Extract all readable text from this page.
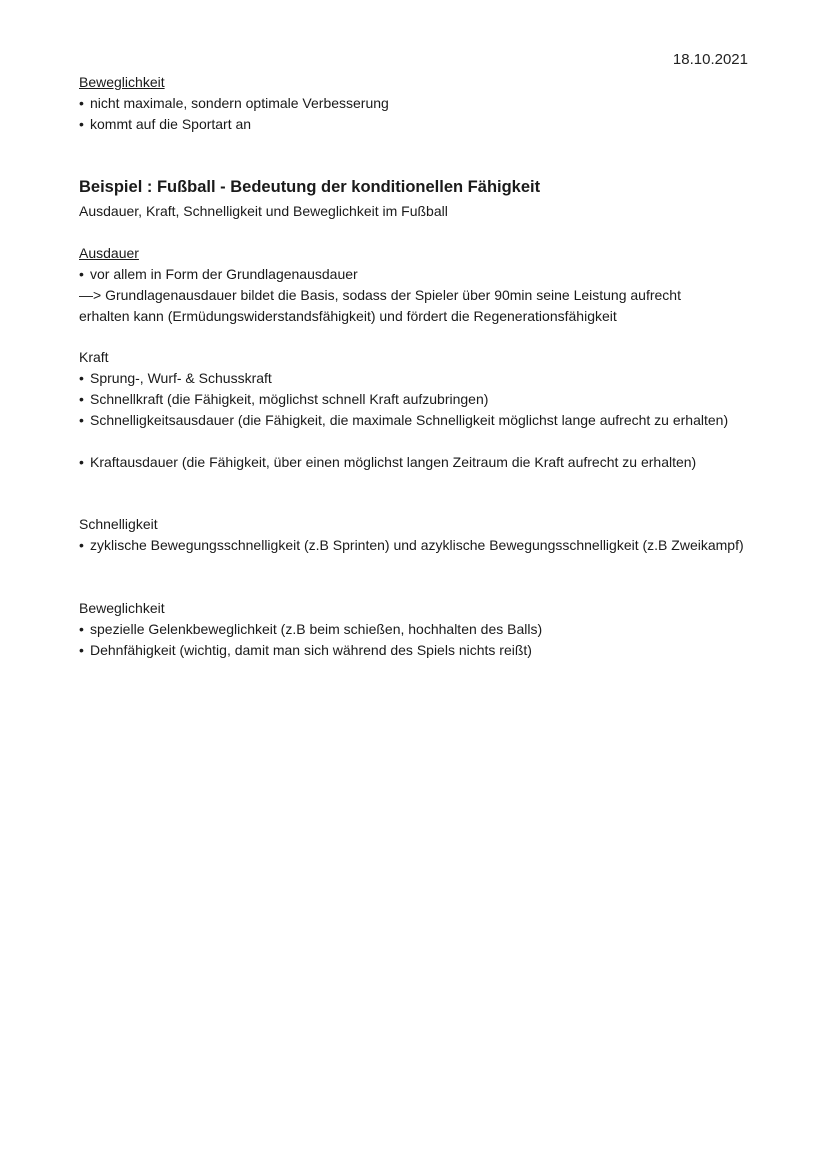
18.10.2021
Beweglichkeit
• nicht maximale, sondern optimale Verbesserung
• kommt auf die Sportart an
Beispiel : Fußball - Bedeutung der konditionellen Fähigkeit
Ausdauer, Kraft, Schnelligkeit und Beweglichkeit im Fußball
Ausdauer
• vor allem in Form der Grundlagenausdauer
—> Grundlagenausdauer bildet die Basis, sodass der Spieler über 90min seine Leistung aufrecht
erhalten kann (Ermüdungswiderstandsfähigkeit) und fördert die Regenerationsfähigkeit
Kraft
• Sprung-, Wurf- & Schusskraft
• Schnellkraft (die Fähigkeit, möglichst schnell Kraft aufzubringen)
• Schnelligkeitsausdauer (die Fähigkeit, die maximale Schnelligkeit möglichst lange aufrecht zu erhalten)
• Kraftausdauer (die Fähigkeit, über einen möglichst langen Zeitraum die Kraft aufrecht zu erhalten)
Schnelligkeit
• zyklische Bewegungsschnelligkeit (z.B Sprinten) und azyklische Bewegungsschnelligkeit (z.B Zweikampf)
Beweglichkeit
• spezielle Gelenkbeweglichkeit (z.B beim schießen, hochhalten des Balls)
• Dehnfähigkeit (wichtig, damit man sich während des Spiels nichts reißt)
